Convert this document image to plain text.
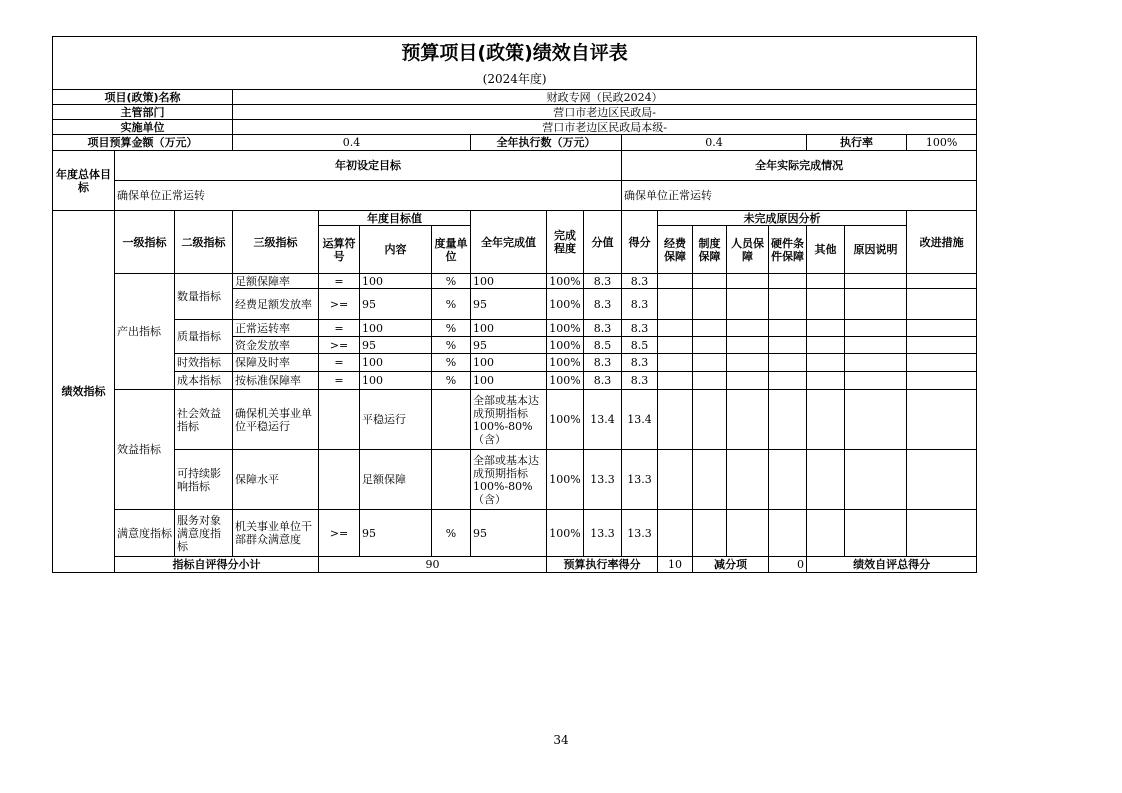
预算项目(政策)绩效自评表																		
(2024年度)																		
项目(政策)名称			财政专网（民政2024）															
主管部门			营口市老边区民政局-															
实施单位			营口市老边区民政局本级-															
项目预算金额（万元）			0.4				全年执行数（万元）			0.4					执行率		100%	
年度总体目标	年初设定目标									全年实际完成情况								
	确保单位正常运转									确保单位正常运转								
绩效指标	一级指标	二级指标	三级指标	年度目标值			全年完成值	完成程度	分值	得分	未完成原因分析						改进措施	
				运算符号	内容	度量单位					经费保障	制度保障	人员保障	硬件条件保障	其他	原因说明		
	产出指标	数量指标	足额保障率	=	100	%	100	100%	8.3	8.3								
			经费足额发放率	>=	95	%	95	100%	8.3	8.3								
		质量指标	正常运转率	=	100	%	100	100%	8.3	8.3								
			资金发放率	>=	95	%	95	100%	8.5	8.5								
		时效指标	保障及时率	=	100	%	100	100%	8.3	8.3								
		成本指标	按标准保障率	=	100	%	100	100%	8.3	8.3								
	效益指标	社会效益指标	确保机关事业单位平稳运行		平稳运行		全部或基本达成预期指标100%-80%（含）	100%	13.4	13.4								
		可持续影响指标	保障水平		足额保障		全部或基本达成预期指标100%-80%（含）	100%	13.3	13.3								
	满意度指标	服务对象满意度指标	机关事业单位干部群众满意度	>=	95	%	95	100%	13.3	13.3								
	指标自评得分小计			90				预算执行率得分			10	减分项		0	绩效自评总得分	
34
